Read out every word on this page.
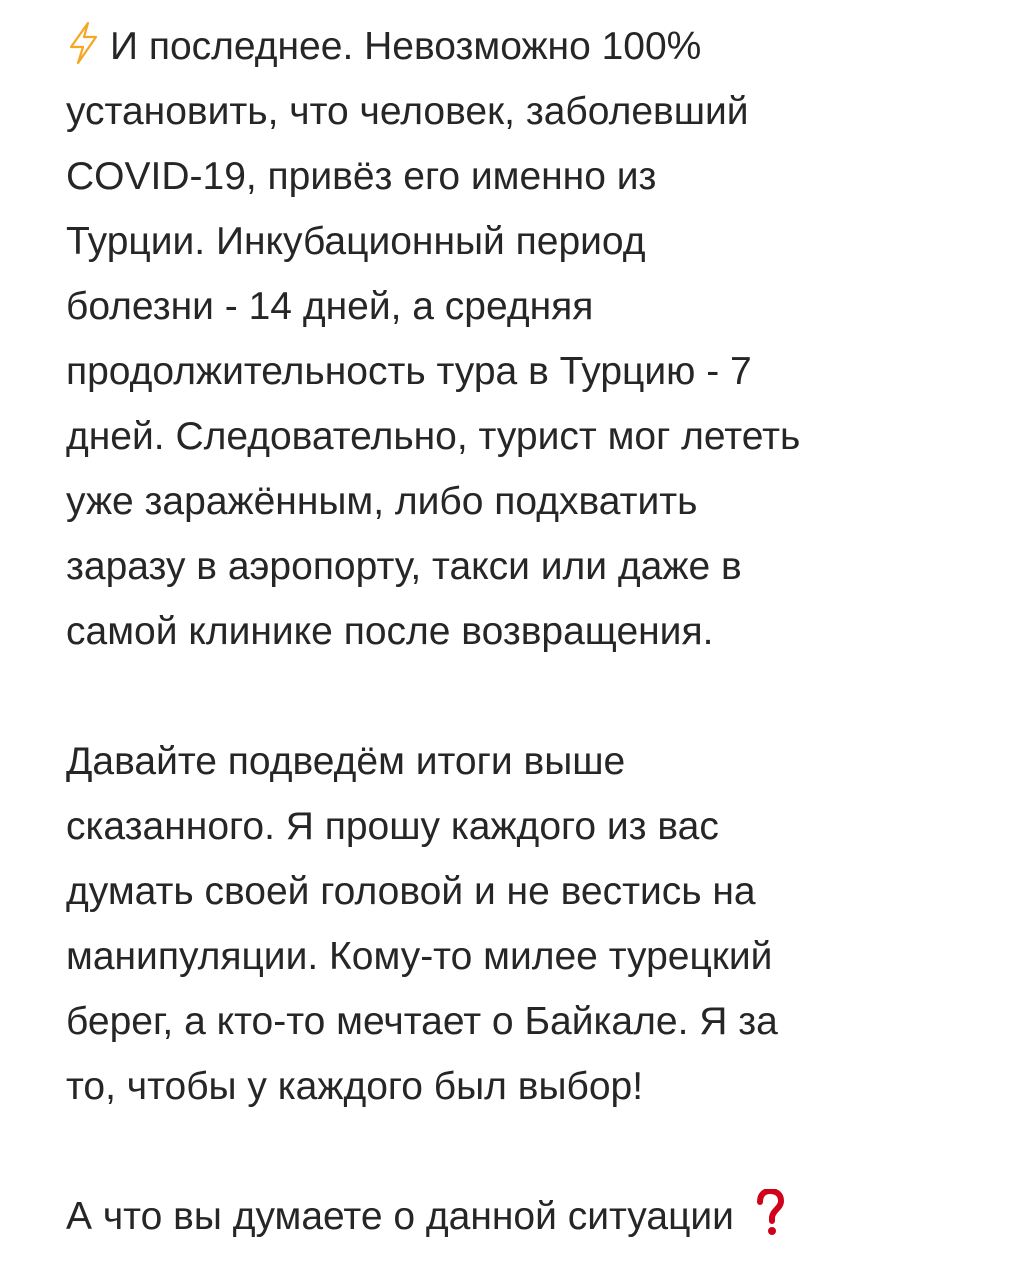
И последнее. Невозможно 100%
установить, что человек, заболевший
COVID-19, привёз его именно из
Турции. Инкубационный период
болезни - 14 дней, а средняя
продолжительность тура в Турцию - 7
дней. Следовательно, турист мог лететь
уже заражённым, либо подхватить
заразу в аэропорту, такси или даже в
самой клинике после возвращения.

Давайте подведём итоги выше
сказанного. Я прошу каждого из вас
думать своей головой и не вестись на
манипуляции. Кому-то милее турецкий
берег, а кто-то мечтает о Байкале. Я за
то, чтобы у каждого был выбор!

А что вы думаете о данной ситуации
